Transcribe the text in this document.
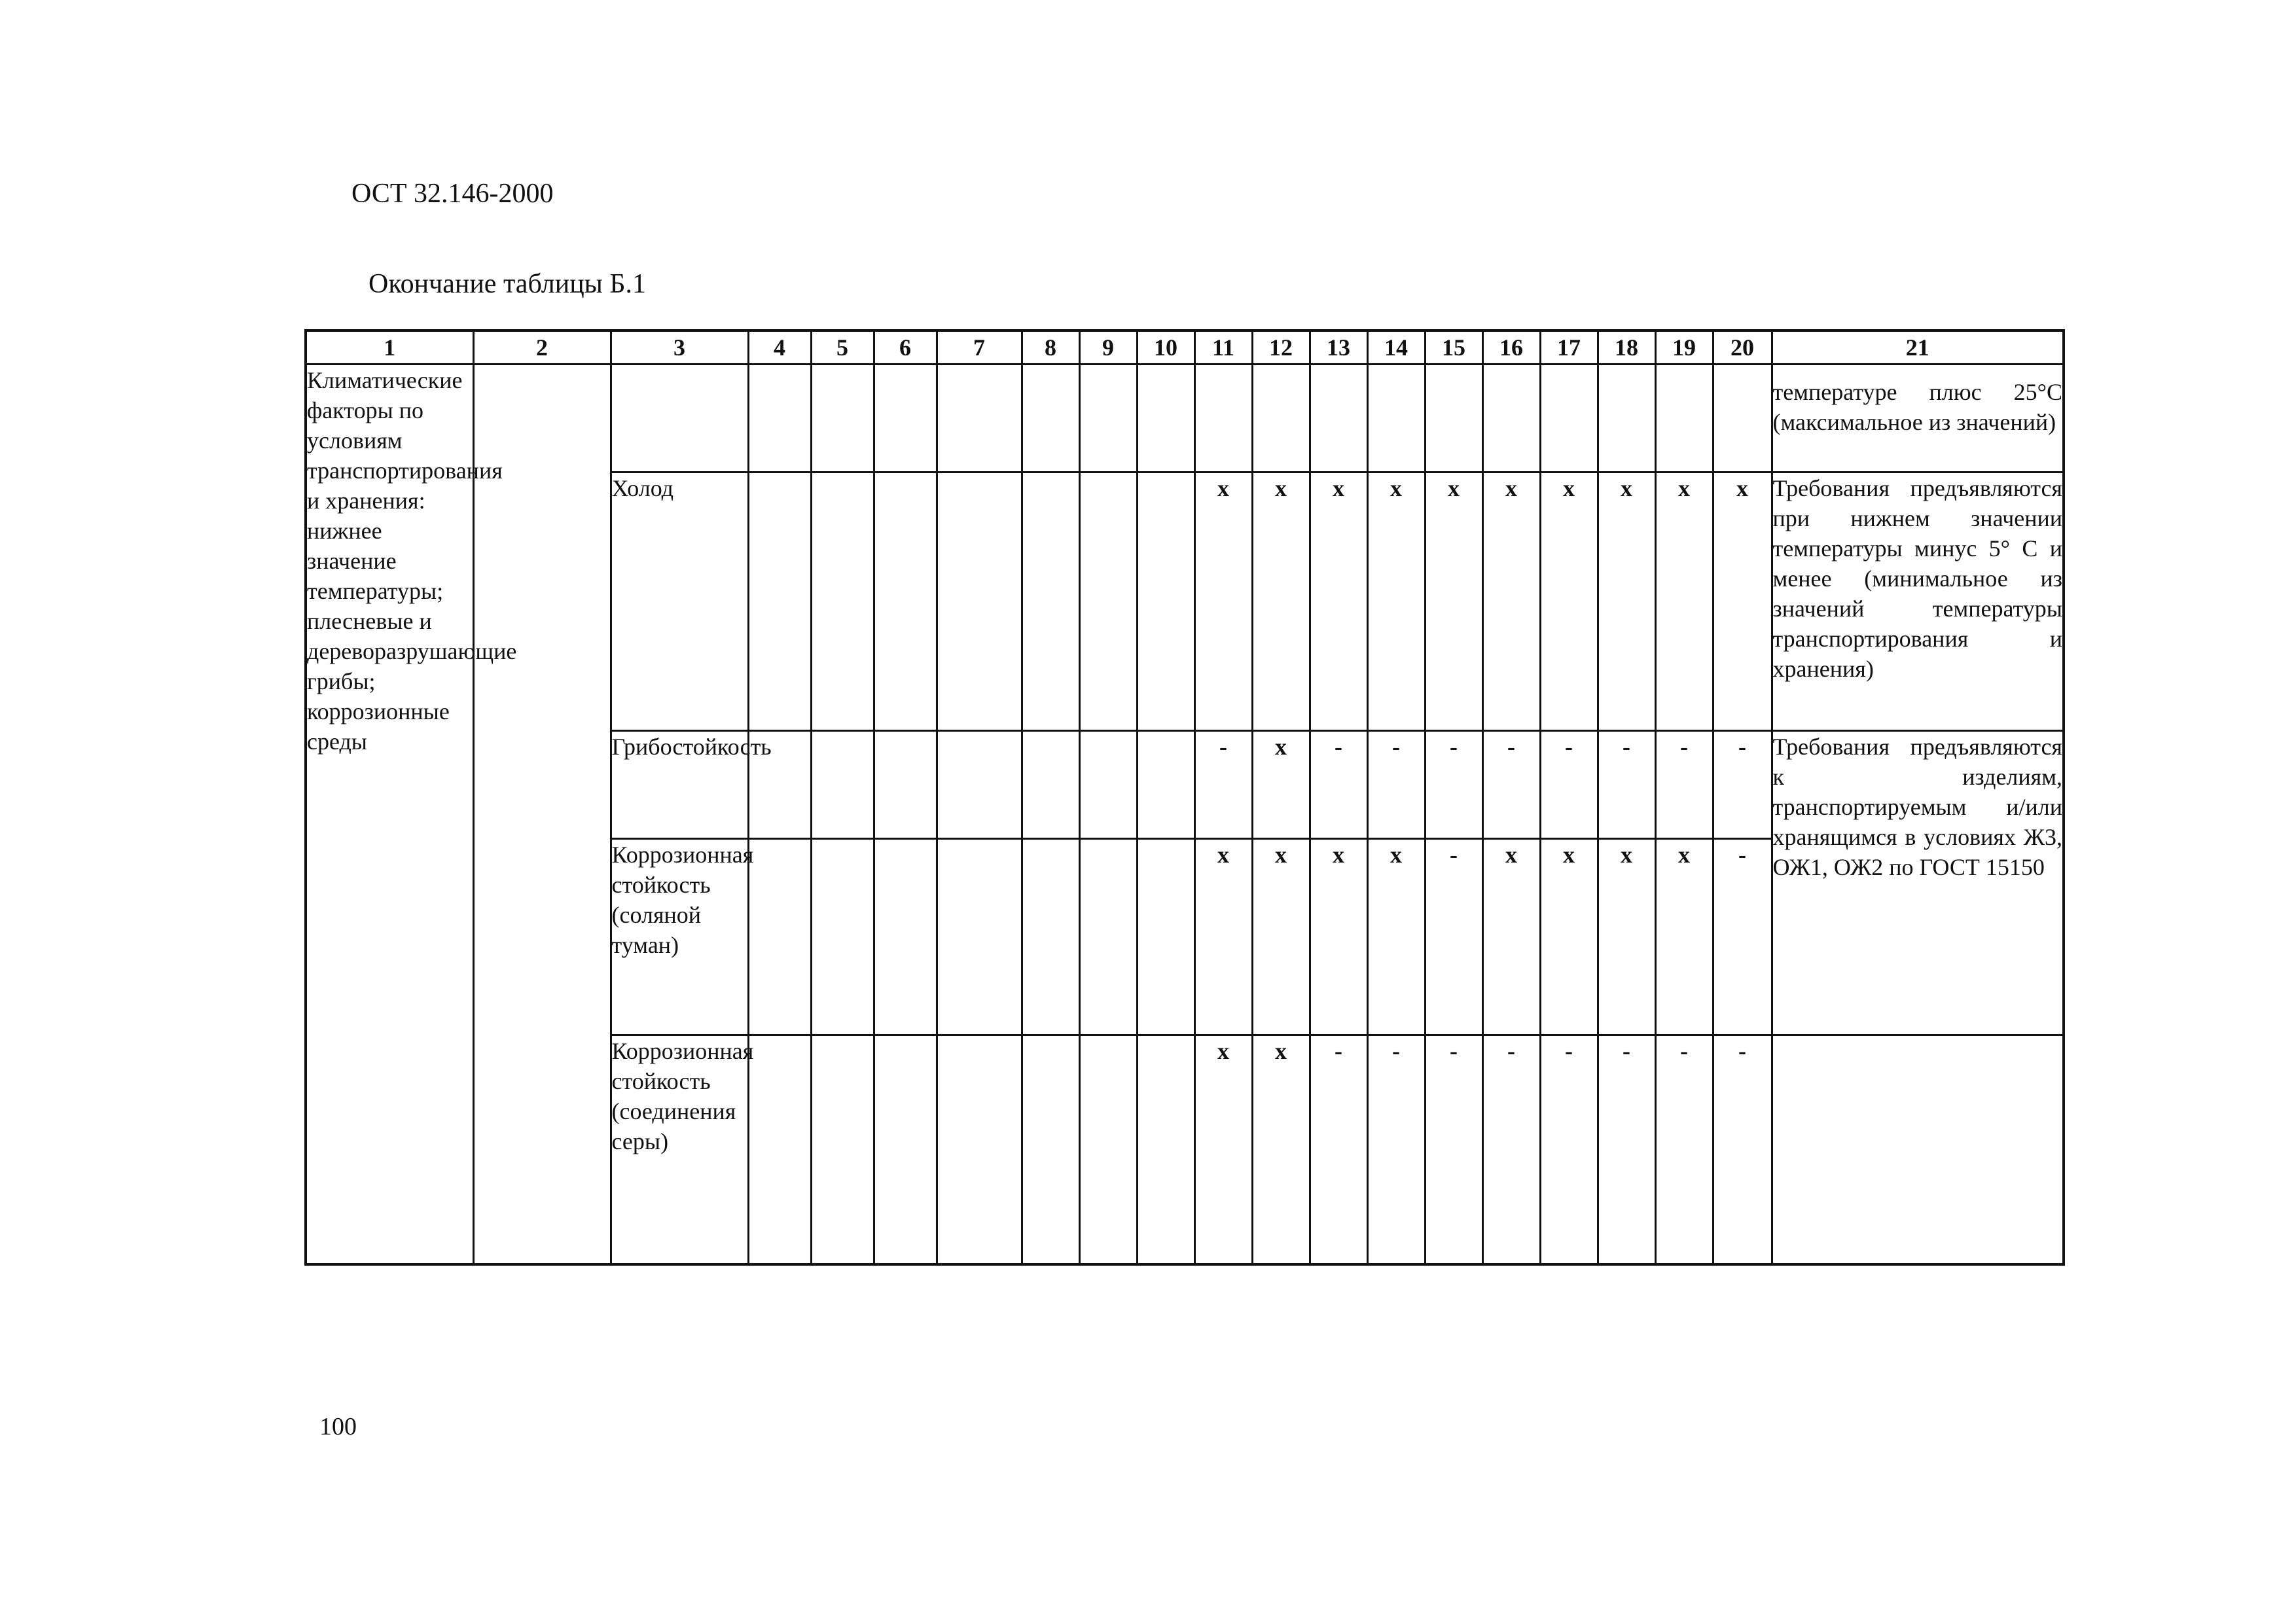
ОСТ 32.146-2000
Окончание таблицы Б.1
1	2	3	4	5	6	7	8	9	10	11	12	13	14	15	16	17	18	19	20	21
Климатические факторы по условиям транспортирования и хранения: нижнее значение температуры; плесневые и дереворазрушающие грибы; коррозионные среды																				температуре плюс 25°С (максимальное из значений)
		Холод								х	х	х	х	х	х	х	х	х	х	Требования предъявляются при нижнем значении температуры минус 5° С и менее (минимальное из значений температуры транспортирования и хранения)
		Грибостойкость								-	х	-	-	-	-	-	-	-	-	Требования предъявляются к изделиям, транспортируемым и/или хранящимся в условиях Ж3, ОЖ1, ОЖ2 по ГОСТ 15150
		Коррозионная стойкость (соляной туман)								х	х	х	х	-	х	х	х	х	-	
		Коррозионная стойкость (соединения серы)								х	х	-	-	-	-	-	-	-	-	
100
